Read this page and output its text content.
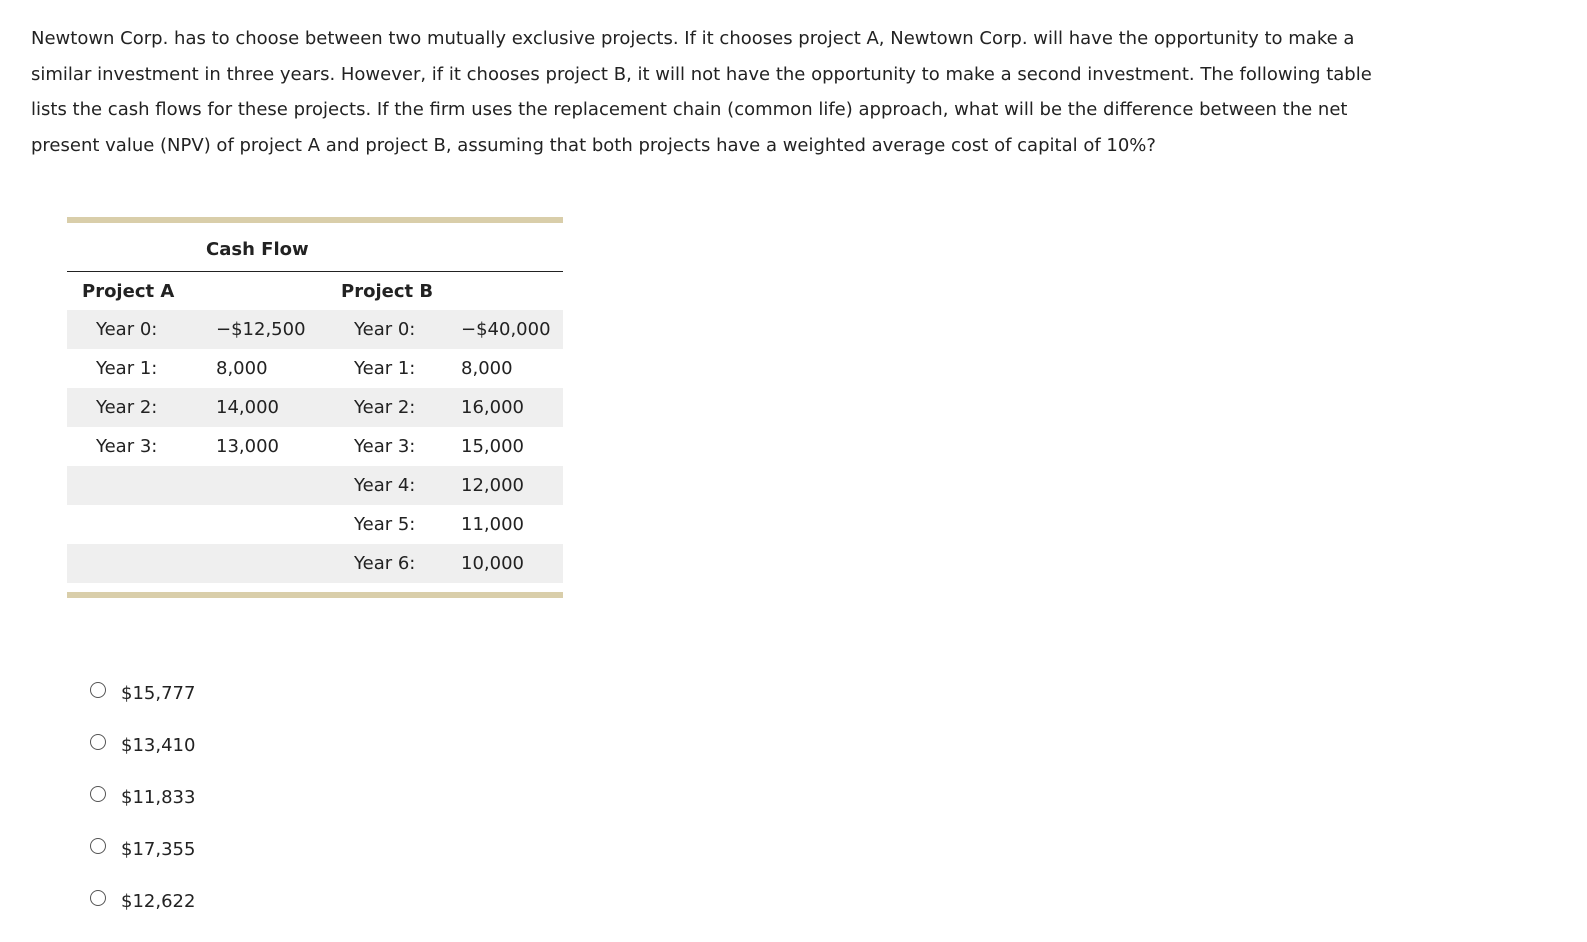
Newtown Corp. has to choose between two mutually exclusive projects. If it chooses project A, Newtown Corp. will have the opportunity to make a similar investment in three years. However, if it chooses project B, it will not have the opportunity to make a second investment. The following table lists the cash flows for these projects. If the firm uses the replacement chain (common life) approach, what will be the difference between the net present value (NPV) of project A and project B, assuming that both projects have a weighted average cost of capital of 10%?

	Cash Flow
Project A		Project B	
Year 0:	−$12,500	Year 0:	−$40,000
Year 1:	8,000	Year 1:	8,000
Year 2:	14,000	Year 2:	16,000
Year 3:	13,000	Year 3:	15,000
		Year 4:	12,000
		Year 5:	11,000
		Year 6:	10,000
$15,777
$13,410
$11,833
$17,355
$12,622
